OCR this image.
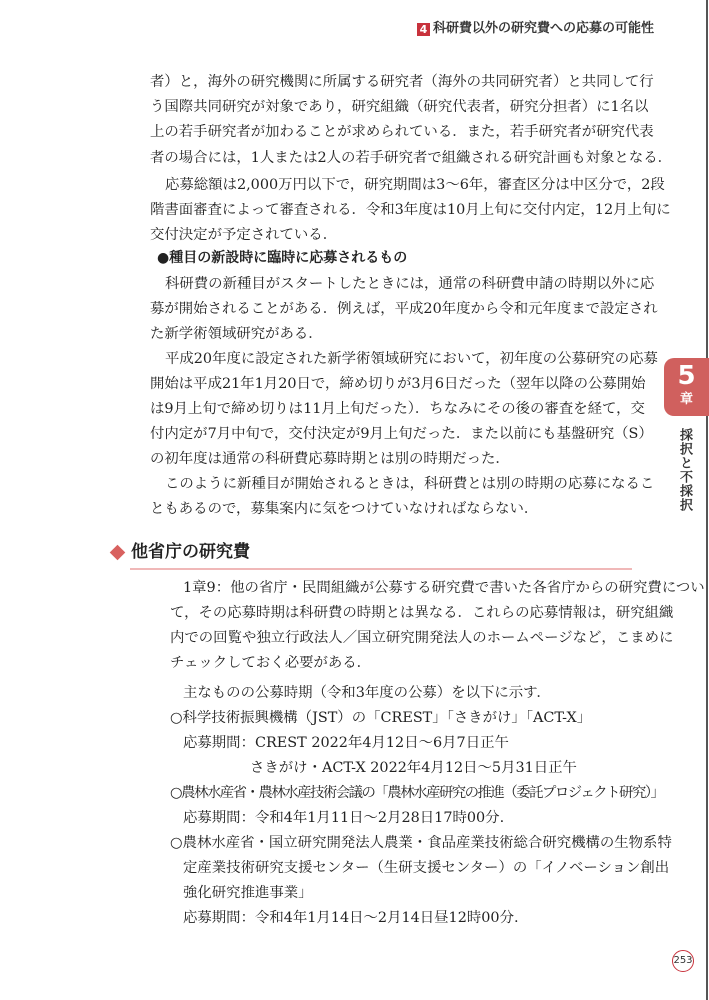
4 科研費以外の研究費への応募の可能性
5
章
採択と不採択
者）と，海外の研究機関に所属する研究者（海外の共同研究者）と共同して行
う国際共同研究が対象であり，研究組織（研究代表者，研究分担者）に1名以
上の若手研究者が加わることが求められている．また，若手研究者が研究代表
者の場合には，1人または2人の若手研究者で組織される研究計画も対象となる．
応募総額は2,000万円以下で，研究期間は3～6年，審査区分は中区分で，2段
階書面審査によって審査される．令和3年度は10月上旬に交付内定，12月上旬に
交付決定が予定されている．
●種目の新設時に臨時に応募されるもの
科研費の新種目がスタートしたときには，通常の科研費申請の時期以外に応
募が開始されることがある．例えば，平成20年度から令和元年度まで設定され
た新学術領域研究がある．
平成20年度に設定された新学術領域研究において，初年度の公募研究の応募
開始は平成21年1月20日で，締め切りが3月6日だった（翌年以降の公募開始
は9月上旬で締め切りは11月上旬だった）．ちなみにその後の審査を経て，交
付内定が7月中旬で，交付決定が9月上旬だった．また以前にも基盤研究（S）
の初年度は通常の科研費応募時期とは別の時期だった．
このように新種目が開始されるときは，科研費とは別の時期の応募になるこ
ともあるので，募集案内に気をつけていなければならない．
他省庁の研究費
1章9：他の省庁・民間組織が公募する研究費で書いた各省庁からの研究費につい
て，その応募時期は科研費の時期とは異なる．これらの応募情報は，研究組織
内での回覧や独立行政法人／国立研究開発法人のホームページなど，こまめに
チェックしておく必要がある．
主なものの公募時期（令和3年度の公募）を以下に示す．
○科学技術振興機構（JST）の「CREST」「さきがけ」「ACT-X」
応募期間：CREST 2022年4月12日～6月7日正午
さきがけ・ACT-X 2022年4月12日～5月31日正午
○農林水産省・農林水産技術会議の「農林水産研究の推進（委託プロジェクト研究）」
応募期間：令和4年1月11日～2月28日17時00分.
○農林水産省・国立研究開発法人農業・食品産業技術総合研究機構の生物系特
定産業技術研究支援センター（生研支援センター）の「イノベーション創出
強化研究推進事業」
応募期間：令和4年1月14日～2月14日昼12時00分.
253
